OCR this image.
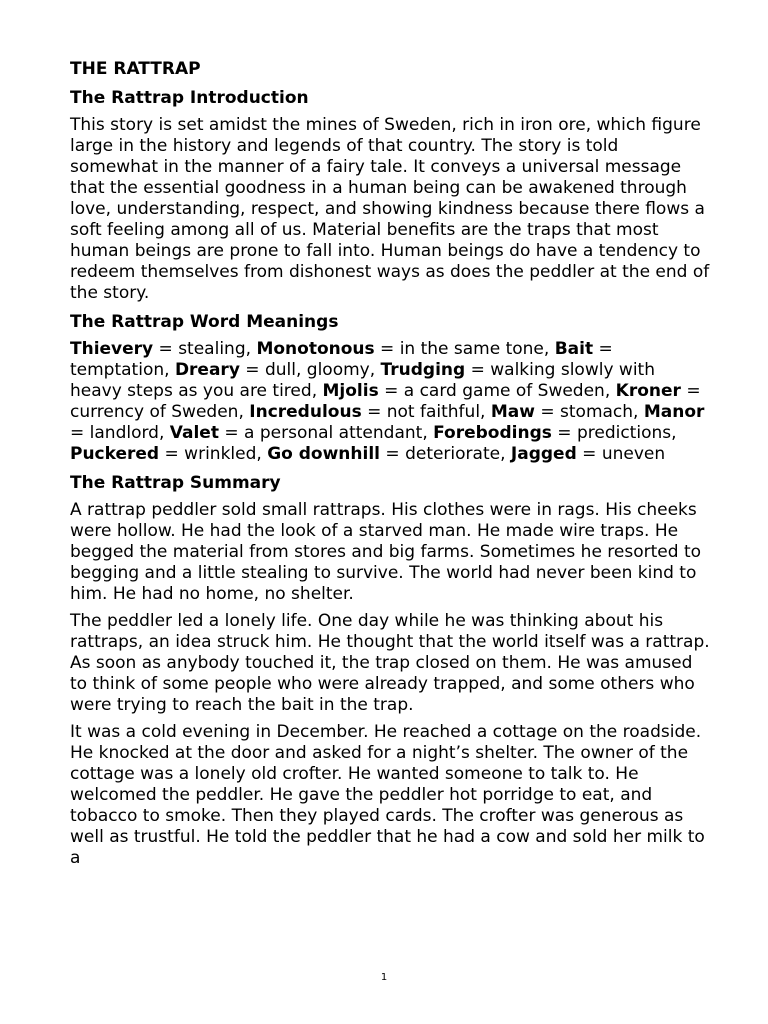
THE RATTRAP
The Rattrap Introduction

This story is set amidst the mines of Sweden, rich in iron ore, which figure large in the history and legends of that country. The story is told somewhat in the manner of a fairy tale. It conveys a universal message that the essential goodness in a human being can be awakened through love, understanding, respect, and showing kindness because there flows a soft feeling among all of us. Material benefits are the traps that most human beings are prone to fall into. Human beings do have a tendency to redeem themselves from dishonest ways as does the peddler at the end of the story.

The Rattrap Word Meanings

Thievery = stealing, Monotonous = in the same tone, Bait = temptation, Dreary = dull, gloomy, Trudging = walking slowly with heavy steps as you are tired, Mjolis = a card game of Sweden, Kroner = currency of Sweden, Incredulous = not faithful, Maw = stomach, Manor = landlord, Valet = a personal attendant, Forebodings = predictions, Puckered = wrinkled, Go downhill = deteriorate, Jagged = uneven

The Rattrap Summary

A rattrap peddler sold small rattraps. His clothes were in rags. His cheeks were hollow. He had the look of a starved man. He made wire traps. He begged the material from stores and big farms. Sometimes he resorted to begging and a little stealing to survive. The world had never been kind to him. He had no home, no shelter.

The peddler led a lonely life. One day while he was thinking about his rattraps, an idea struck him. He thought that the world itself was a rattrap. As soon as anybody touched it, the trap closed on them. He was amused to think of some people who were already trapped, and some others who were trying to reach the bait in the trap.

It was a cold evening in December. He reached a cottage on the roadside. He knocked at the door and asked for a night’s shelter. The owner of the cottage was a lonely old crofter. He wanted someone to talk to. He welcomed the peddler. He gave the peddler hot porridge to eat, and tobacco to smoke. Then they played cards. The crofter was generous as well as trustful. He told the peddler that he had a cow and sold her milk to a

1
